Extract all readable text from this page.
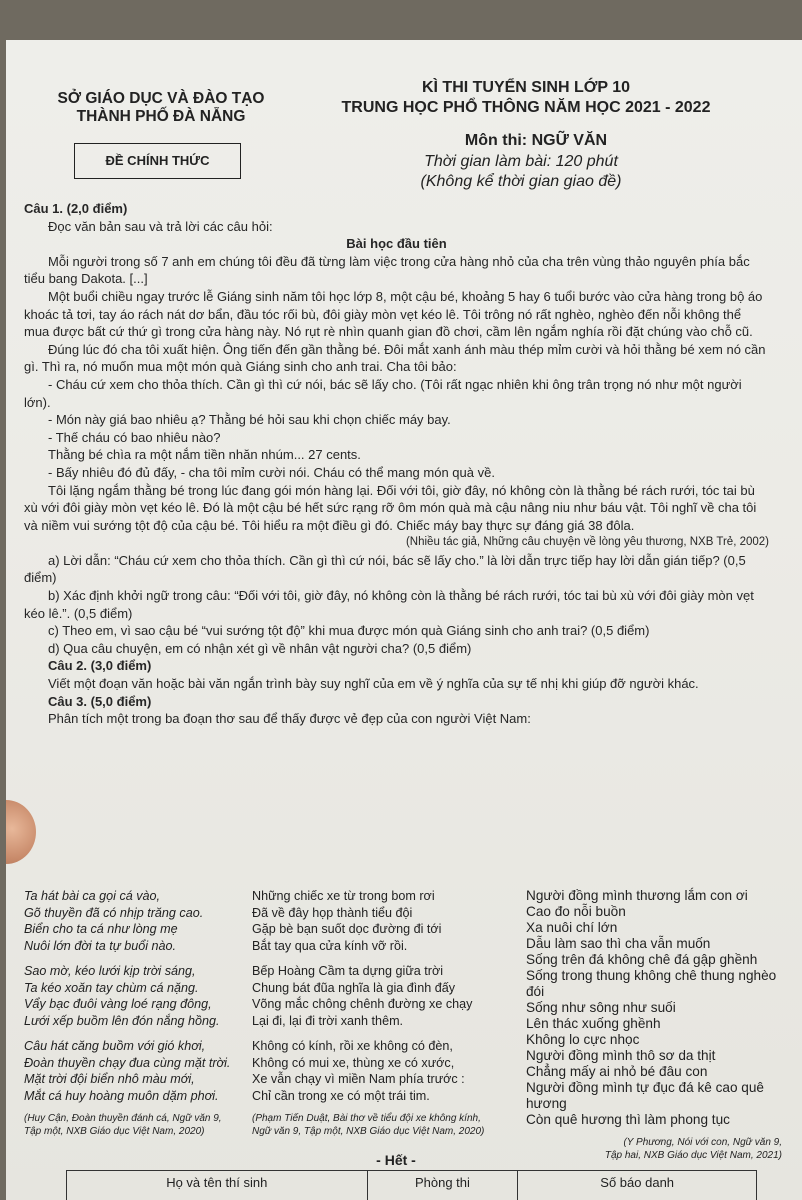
SỞ GIÁO DỤC VÀ ĐÀO TẠO
THÀNH PHỐ ĐÀ NẴNG
ĐỀ CHÍNH THỨC
KÌ THI TUYỂN SINH LỚP 10
TRUNG HỌC PHỔ THÔNG NĂM HỌC 2021 - 2022
Môn thi: NGỮ VĂN
Thời gian làm bài: 120 phút
(Không kể thời gian giao đề)

Câu 1. (2,0 điểm)

Đọc văn bản sau và trả lời các câu hỏi:

Bài học đầu tiên

Mỗi người trong số 7 anh em chúng tôi đều đã từng làm việc trong cửa hàng nhỏ của cha trên vùng thảo nguyên phía bắc tiểu bang Dakota. [...]

Một buổi chiều ngay trước lễ Giáng sinh năm tôi học lớp 8, một cậu bé, khoảng 5 hay 6 tuổi bước vào cửa hàng trong bộ áo khoác tả tơi, tay áo rách nát dơ bẩn, đầu tóc rối bù, đôi giày mòn vẹt kéo lê. Tôi trông nó rất nghèo, nghèo đến nỗi không thể mua được bất cứ thứ gì trong cửa hàng này. Nó rụt rè nhìn quanh gian đồ chơi, cầm lên ngắm nghía rồi đặt chúng vào chỗ cũ.

Đúng lúc đó cha tôi xuất hiện. Ông tiến đến gần thằng bé. Đôi mắt xanh ánh màu thép mỉm cười và hỏi thằng bé xem nó cần gì. Thì ra, nó muốn mua một món quà Giáng sinh cho anh trai. Cha tôi bảo:

- Cháu cứ xem cho thỏa thích. Cần gì thì cứ nói, bác sẽ lấy cho. (Tôi rất ngạc nhiên khi ông trân trọng nó như một người lớn).

- Món này giá bao nhiêu ạ? Thằng bé hỏi sau khi chọn chiếc máy bay.

- Thế cháu có bao nhiêu nào?

Thằng bé chìa ra một nắm tiền nhăn nhúm... 27 cents.

- Bấy nhiêu đó đủ đấy, - cha tôi mỉm cười nói. Cháu có thể mang món quà về.

Tôi lặng ngắm thằng bé trong lúc đang gói món hàng lại. Đối với tôi, giờ đây, nó không còn là thằng bé rách rưới, tóc tai bù xù với đôi giày mòn vẹt kéo lê. Đó là một cậu bé hết sức rạng rỡ ôm món quà mà cậu nâng niu như báu vật. Tôi nghĩ về cha tôi và niềm vui sướng tột độ của cậu bé. Tôi hiểu ra một điều gì đó. Chiếc máy bay thực sự đáng giá 38 đôla.

(Nhiều tác giả, Những câu chuyện về lòng yêu thương, NXB Trẻ, 2002)

a) Lời dẫn: “Cháu cứ xem cho thỏa thích. Cần gì thì cứ nói, bác sẽ lấy cho.” là lời dẫn trực tiếp hay lời dẫn gián tiếp? (0,5 điểm)

b) Xác định khởi ngữ trong câu: “Đối với tôi, giờ đây, nó không còn là thằng bé rách rưới, tóc tai bù xù với đôi giày mòn vẹt kéo lê.”. (0,5 điểm)

c) Theo em, vì sao cậu bé “vui sướng tột độ” khi mua được món quà Giáng sinh cho anh trai? (0,5 điểm)

d) Qua câu chuyện, em có nhận xét gì về nhân vật người cha? (0,5 điểm)

Câu 2. (3,0 điểm)

Viết một đoạn văn hoặc bài văn ngắn trình bày suy nghĩ của em về ý nghĩa của sự tế nhị khi giúp đỡ người khác.

Câu 3. (5,0 điểm)

Phân tích một trong ba đoạn thơ sau để thấy được vẻ đẹp của con người Việt Nam:

Ta hát bài ca gọi cá vào,
Gõ thuyền đã có nhịp trăng cao.
Biển cho ta cá như lòng mẹ
Nuôi lớn đời ta tự buổi nào.
Sao mờ, kéo lưới kịp trời sáng,
Ta kéo xoăn tay chùm cá nặng.
Vẩy bạc đuôi vàng loé rạng đông,
Lưới xếp buồm lên đón nắng hồng.
Câu hát căng buồm với gió khơi,
Đoàn thuyền chạy đua cùng mặt trời.
Mặt trời đội biển nhô màu mới,
Mắt cá huy hoàng muôn dặm phơi.
(Huy Cận, Đoàn thuyền đánh cá, Ngữ văn 9,
Tập một, NXB Giáo dục Việt Nam, 2020)
Những chiếc xe từ trong bom rơi
Đã về đây họp thành tiểu đội
Gặp bè bạn suốt dọc đường đi tới
Bắt tay qua cửa kính vỡ rồi.
Bếp Hoàng Cầm ta dựng giữa trời
Chung bát đũa nghĩa là gia đình đấy
Võng mắc chông chênh đường xe chạy
Lại đi, lại đi trời xanh thêm.
Không có kính, rồi xe không có đèn,
Không có mui xe, thùng xe có xước,
Xe vẫn chạy vì miền Nam phía trước :
Chỉ cần trong xe có một trái tim.
(Phạm Tiến Duật, Bài thơ về tiểu đội xe không kính,
Ngữ văn 9, Tập một, NXB Giáo dục Việt Nam, 2020)
Người đồng mình thương lắm con ơi
Cao đo nỗi buồn
Xa nuôi chí lớn
Dẫu làm sao thì cha vẫn muốn
Sống trên đá không chê đá gập ghềnh
Sống trong thung không chê thung nghèo đói
Sống như sông như suối
Lên thác xuống ghềnh
Không lo cực nhọc
Người đồng mình thô sơ da thịt
Chẳng mấy ai nhỏ bé đâu con
Người đồng mình tự đục đá kê cao quê hương
Còn quê hương thì làm phong tục
(Y Phương, Nói với con, Ngữ văn 9,
Tập hai, NXB Giáo dục Việt Nam, 2021)
- Hết -
Họ và tên thí sinh	Phòng thi	Số báo danh
